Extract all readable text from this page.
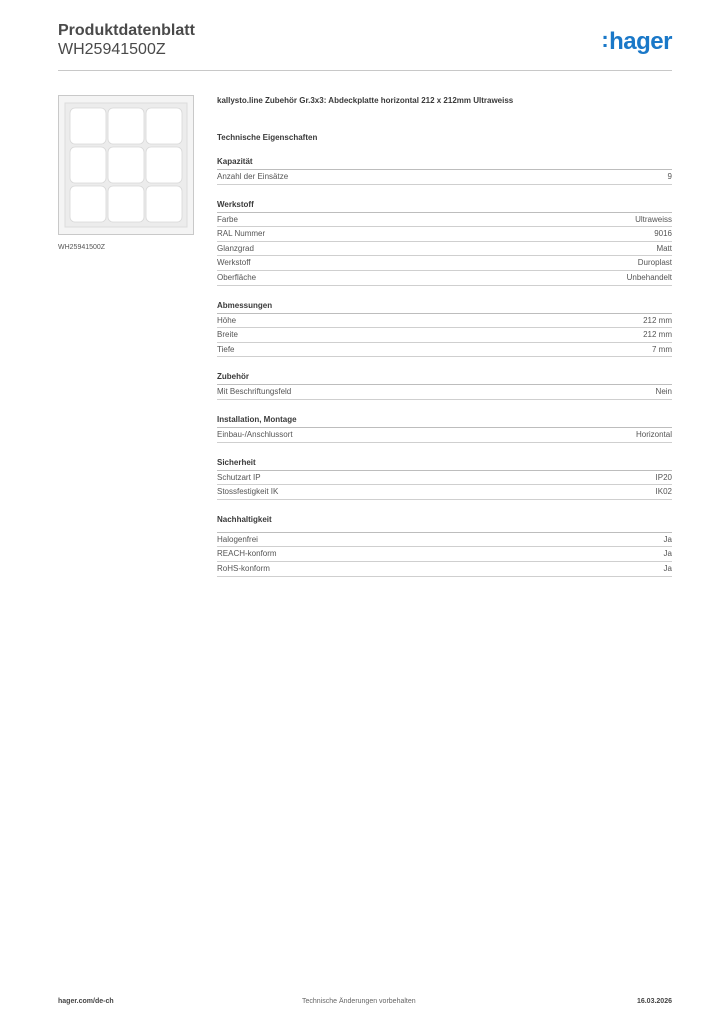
Produktdatenblatt
WH25941500Z	:hager
WH25941500Z
kallysto.line Zubehör Gr.3x3: Abdeckplatte horizontal 212 x 212mm Ultraweiss
Technische Eigenschaften
Kapazität
Anzahl der Einsätze	9
Werkstoff
Farbe	Ultraweiss
RAL Nummer	9016
Glanzgrad	Matt
Werkstoff	Duroplast
Oberfläche	Unbehandelt
Abmessungen
Höhe	212 mm
Breite	212 mm
Tiefe	7 mm
Zubehör
Mit Beschriftungsfeld	Nein
Installation, Montage
Einbau-/Anschlussort	Horizontal
Sicherheit
Schutzart IP	IP20
Stossfestigkeit IK	IK02
Nachhaltigkeit
Halogenfrei	Ja
REACH-konform	Ja
RoHS-konform	Ja
hager.com/de-ch	Technische Änderungen vorbehalten	16.03.2026
